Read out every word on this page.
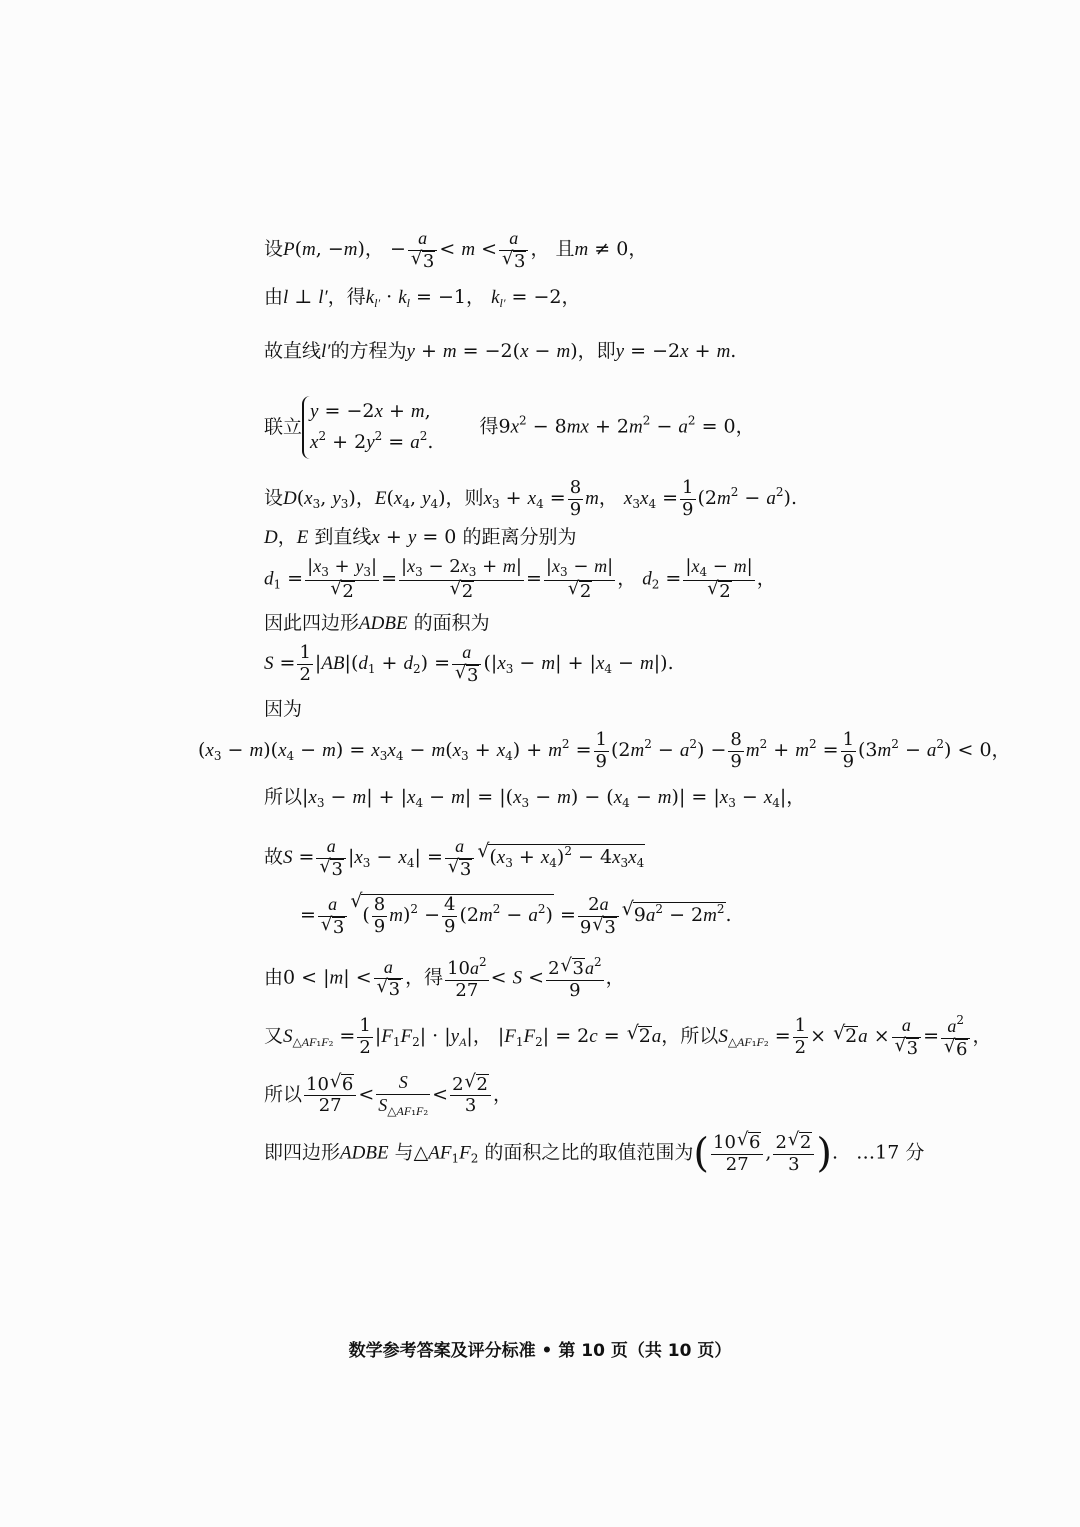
设P(m, −m)， − a
√ 3 < m < a
√ 3 ， 且m ≠ 0，
由l ⊥ l′，得$k_{l'} \cdot k_l = -1$， $k_{l'} = -2$，
故直线l′的方程为y + m = −2(x − m)，即y = −2x + m.
联立
y = −2x + m,
$x^2 + 2y^2 = a^2$.
得$9x^2 - 8mx + 2m^2 - a^2 = 0$，
设$D(x_3$, $y_3$)，$E(x_4$, $y_4$)，则$x_3 + x_4 = \frac{8}{9}$ m， $x_3x_4 = \frac{1}{9} (2m^2 - a^2)$.
D，E 到直线x + y = 0 的距离分别为
$d_1 = |x_3 + y_3|$
√ $2 = |x_3 - 2x_3 + m|$
√ $2 = |x_3 - m|$
√ 2 ， $d_2 = |x_4 - m|$
√ 2 ，
因此四边形ADBE 的面积为
$S = \frac{1}{2} |AB|(d_1 + d_2) = a$
√ 3 $(|x_3 - m| + |x_4 - m|)$.
因为
$(x_3 - m)(x_4 - m) = x_3x_4 - m(x_3 + x_4) + m^2 = \frac{1}{9} (2m^2 - a^2) - \frac{8}{9} m^2 + m^2 = \frac{1}{9} (3m^2 - a^2) < 0$，
所以$|x_3 - m| + |x_4 - m| = |(x_3 - m) - (x_4 - m)| = |x_3 - x_4|$，
故S = a
√ 3 $|x_3 - x_4| = a$
√ 3 √ $(x_3 + x_4)^2 - 4x_3x_4$
= a
√ 3 √ ( $\frac{8}{9} m)^2 - \frac{4}{9} (2m^2 - a^2) = \frac{2a}{9 √ 3}$ √ $9a^2 - 2m^2$.
由0 < |m| < a
√ 3 ，得 $\frac{10a^2}{27} < S < \frac{2 √ 3a^2}{9}$ ，
又$S_{\triangle AF_1F_2} = \frac{1}{2} |F_1F_2| \cdot |y_A|$， $|F_1F_2| = 2c$ = √ 2a，所以$S_{\triangle AF_1F_2} = \frac{1}{2}$ × √ 2a × a
√ $3 = a^2$
√ 6 ，
所以 $\frac{10 √ 6}{27} < \frac{S}{S_{\triangle AF_1F_2}} < \frac{2 √ 2}{3}$ ，
即四边形ADBE 与$\triangle AF_1F_2$ 的面积之比的取值范围为( $\frac{10 √ 6}{27}$ , $\frac{2 √ 2}{3}$ ).   …17 分
数学参考答案及评分标准 • 第 10 页（共 10 页）
